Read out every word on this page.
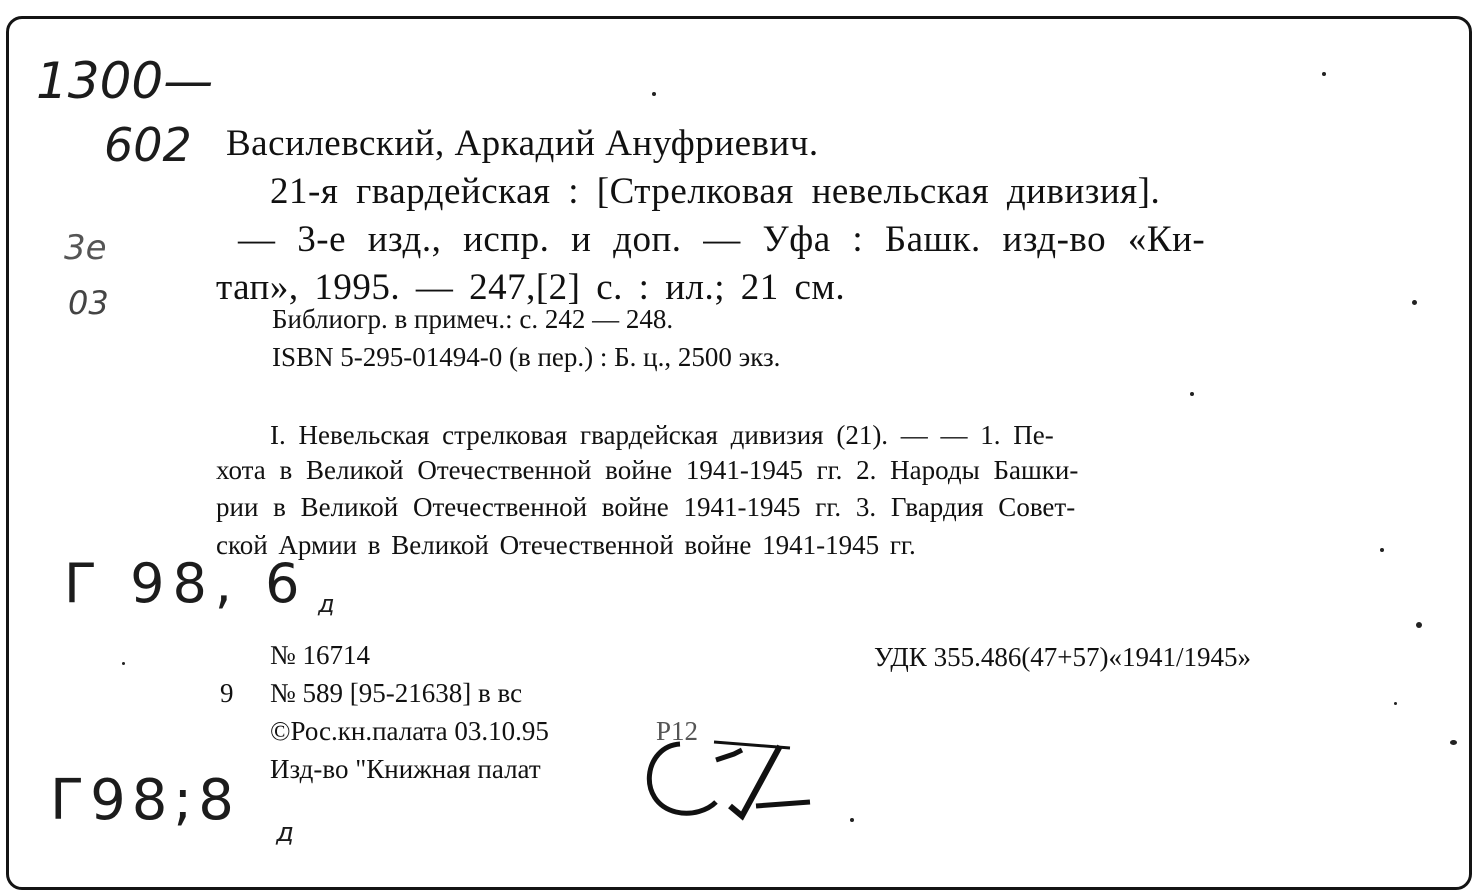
1300—
602
3е
03
Г 98, 6 д
Г98;8 д
Василевский, Аркадий Ануфриевич.
21-я гвардейская : [Стрелковая невельская дивизия].
— 3-е изд., испр. и доп. — Уфа : Башк. изд-во «Ки-
тап», 1995. — 247,[2] с. : ил.; 21 см.
Библиогр. в примеч.: с. 242 — 248.
ISBN 5-295-01494-0 (в пер.) : Б. ц., 2500 экз.
I. Невельская стрелковая гвардейская дивизия (21). — — 1. Пе-
хота в Великой Отечественной войне 1941-1945 гг. 2. Народы Башки-
рии в Великой Отечественной войне 1941-1945 гг. 3. Гвардия Совет-
ской Армии в Великой Отечественной войне 1941-1945 гг.
№ 16714	УДК 355.486(47+57)«1941/1945»
9 № 589 [95-21638] в вс
©Рос.кн.палата 03.10.95	Р12
Изд-во "Книжная палат
